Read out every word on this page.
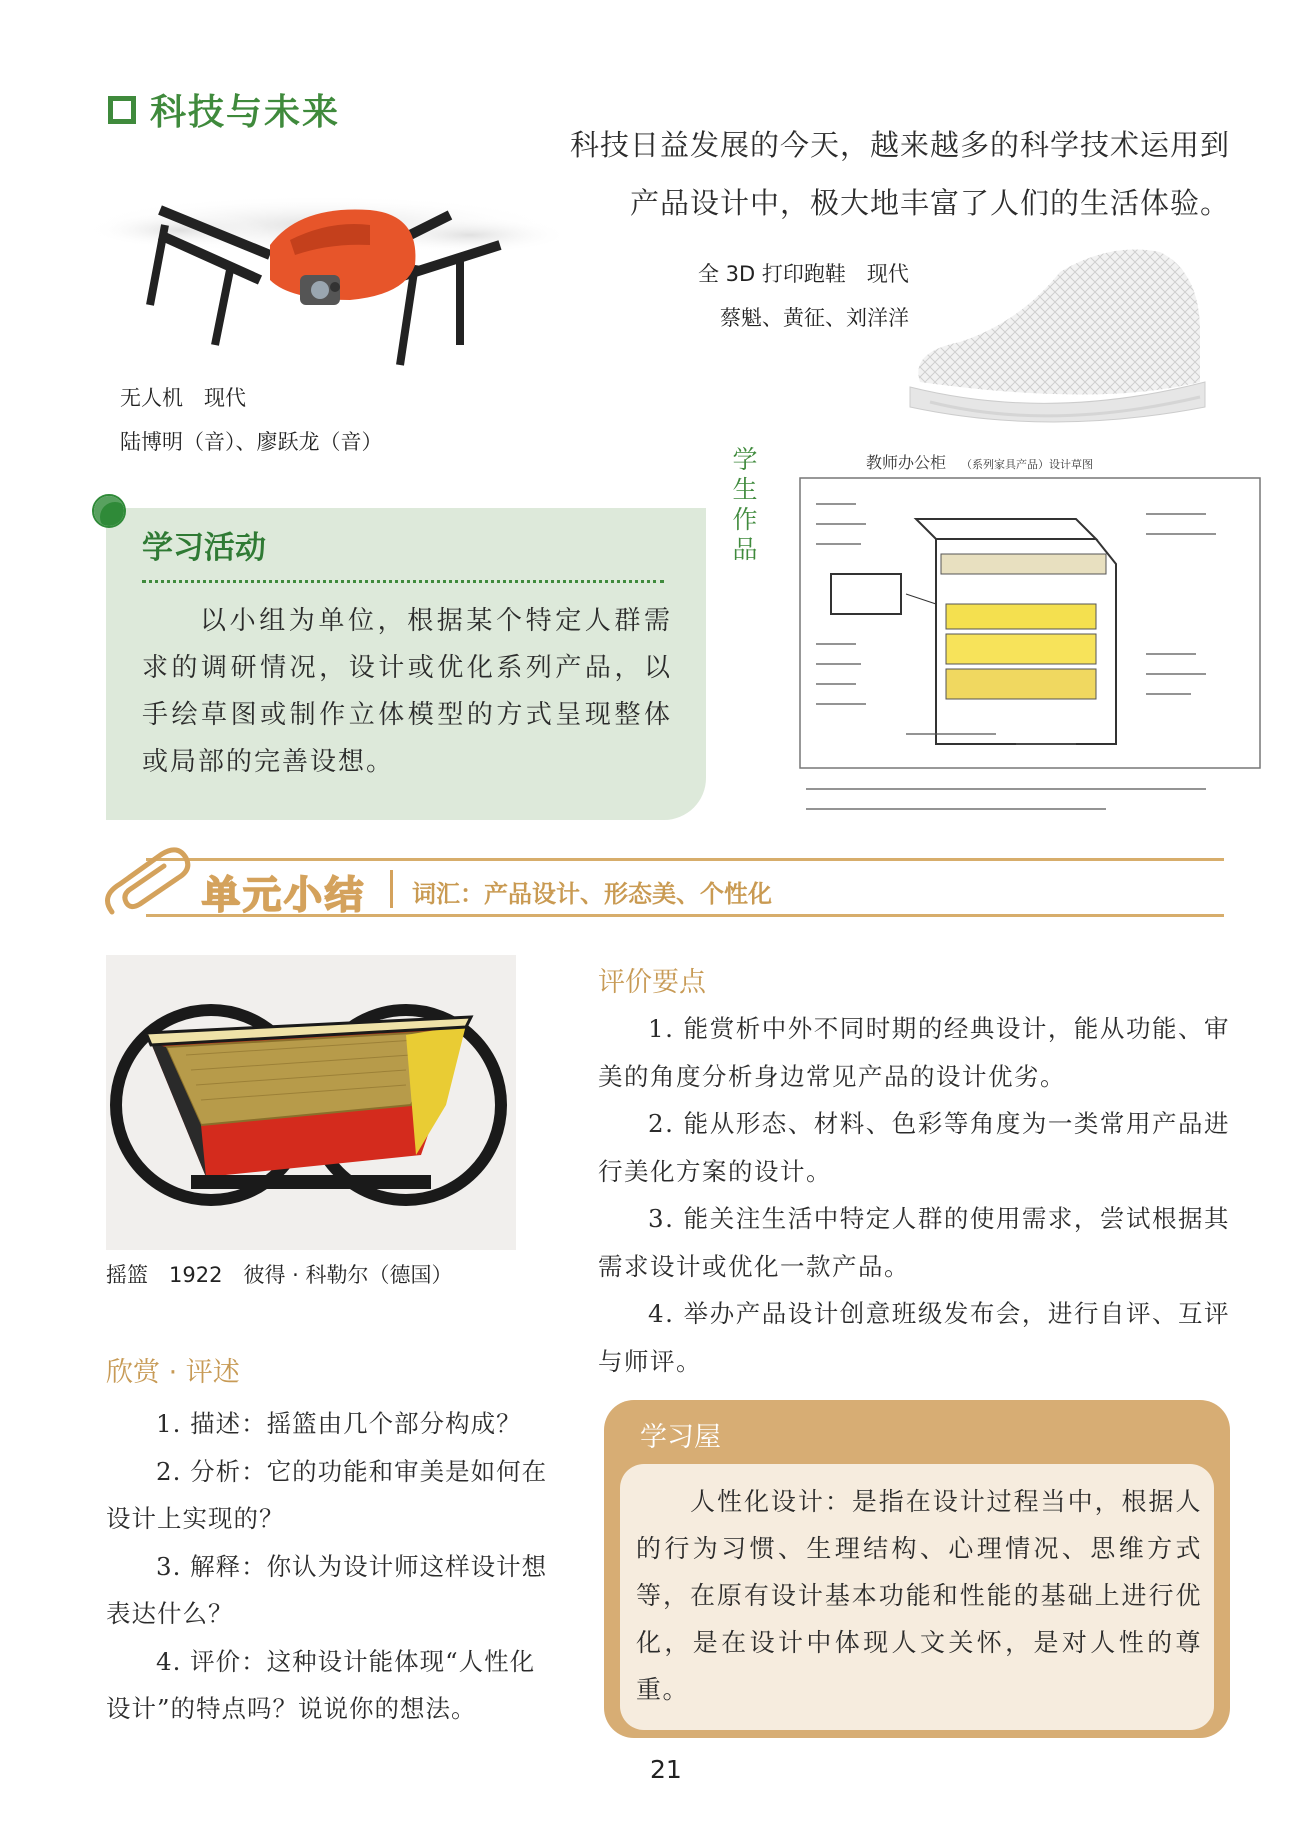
科技与未来
科技日益发展的今天，越来越多的科学技术运用到产品设计中，极大地丰富了人们的生活体验。
无人机　现代
陆博明（音）、廖跃龙（音）
全 3D 打印跑鞋　现代
蔡魁、黄征、刘洋洋
学生作品
教师办公柜 （系列家具产品）设计草图
学习活动
以小组为单位，根据某个特定人群需求的调研情况，设计或优化系列产品，以手绘草图或制作立体模型的方式呈现整体或局部的完善设想。
单元小结 词汇：产品设计、形态美、个性化
摇篮　1922　彼得 · 科勒尔（德国）
欣赏 · 评述
1. 描述：摇篮由几个部分构成？
2. 分析：它的功能和审美是如何在设计上实现的？
3. 解释：你认为设计师这样设计想表达什么？
4. 评价：这种设计能体现“人性化设计”的特点吗？说说你的想法。
评价要点
1. 能赏析中外不同时期的经典设计，能从功能、审美的角度分析身边常见产品的设计优劣。
2. 能从形态、材料、色彩等角度为一类常用产品进行美化方案的设计。
3. 能关注生活中特定人群的使用需求，尝试根据其需求设计或优化一款产品。
4. 举办产品设计创意班级发布会，进行自评、互评与师评。
学习屋
人性化设计：是指在设计过程当中，根据人的行为习惯、生理结构、心理情况、思维方式等，在原有设计基本功能和性能的基础上进行优化，是在设计中体现人文关怀，是对人性的尊重。
21
